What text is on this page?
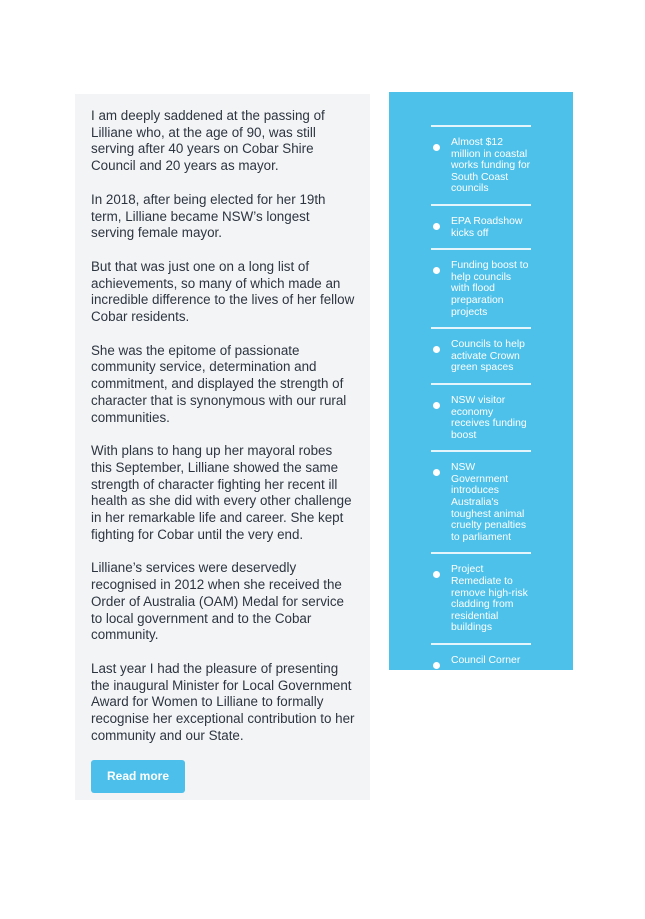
I am deeply saddened at the passing of Lilliane who, at the age of 90, was still serving after 40 years on Cobar Shire Council and 20 years as mayor.

In 2018, after being elected for her 19th term, Lilliane became NSW’s longest serving female mayor.

But that was just one on a long list of achievements, so many of which made an incredible difference to the lives of her fellow Cobar residents.

She was the epitome of passionate community service, determination and commitment, and displayed the strength of character that is synonymous with our rural communities.

With plans to hang up her mayoral robes this September, Lilliane showed the same strength of character fighting her recent ill health as she did with every other challenge in her remarkable life and career. She kept fighting for Cobar until the very end.

Lilliane’s services were deservedly recognised in 2012 when she received the Order of Australia (OAM) Medal for service to local government and to the Cobar community.

Last year I had the pleasure of presenting the inaugural Minister for Local Government Award for Women to Lilliane to formally recognise her exceptional contribution to her community and our State.

Read more
Almost $12 million in coastal works funding for South Coast councils
EPA Roadshow kicks off
Funding boost to help councils with flood preparation projects
Councils to help activate Crown green spaces
NSW visitor economy receives funding boost
NSW Government introduces Australia's toughest animal cruelty penalties to parliament
Project Remediate to remove high-risk cladding from residential buildings
Council Corner
